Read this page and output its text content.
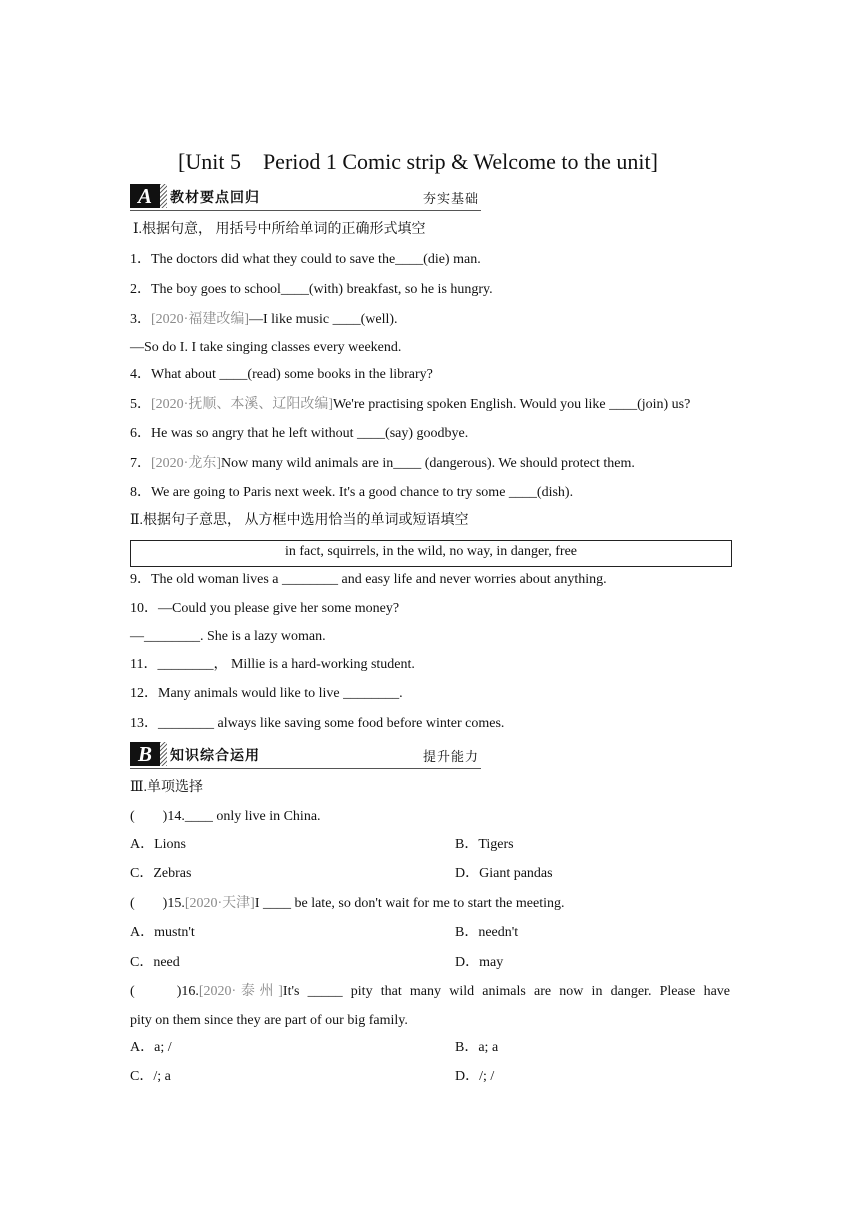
[Unit 5　Period 1 Comic strip & Welcome to the unit]
A	教材要点回归	夯实基础
Ⅰ.根据句意， 用括号中所给单词的正确形式填空
1．The doctors did what they could to save the____(die) man.
2．The boy goes to school____(with) breakfast, so he is hungry.
3．[2020·福建改编]—I like music ____(well).
—So do I. I take singing classes every weekend.
4．What about ____(read) some books in the library?
5．[2020·抚顺、本溪、辽阳改编]We're practising spoken English. Would you like ____(join) us?
6．He was so angry that he left without ____(say) goodbye.
7．[2020·龙东]Now many wild animals are in____ (dangerous). We should protect them.
8．We are going to Paris next week. It's a good chance to try some ____(dish).
Ⅱ.根据句子意思， 从方框中选用恰当的单词或短语填空
in fact, squirrels, in the wild, no way, in danger, free
9．The old woman lives a ________ and easy life and never worries about anything.
10．—Could you please give her some money?
—________. She is a lazy woman.
11．________， Millie is a hard-working student.
12．Many animals would like to live ________.
13．________ always like saving some food before winter comes.
B	知识综合运用	提升能力
Ⅲ.单项选择
(　　)14.____ only live in China.
A．Lions	B．Tigers
C．Zebras	D．Giant pandas
(　　)15.[2020·天津]I ____ be late, so don't wait for me to start the meeting.
A．mustn't	B．needn't
C．need	D．may
(　　)16.[2020·泰州]It's _____ pity that many wild animals are now in danger. Please have
pity on them since they are part of our big family.
A．a; /	B．a; a
C．/; a	D．/; /
